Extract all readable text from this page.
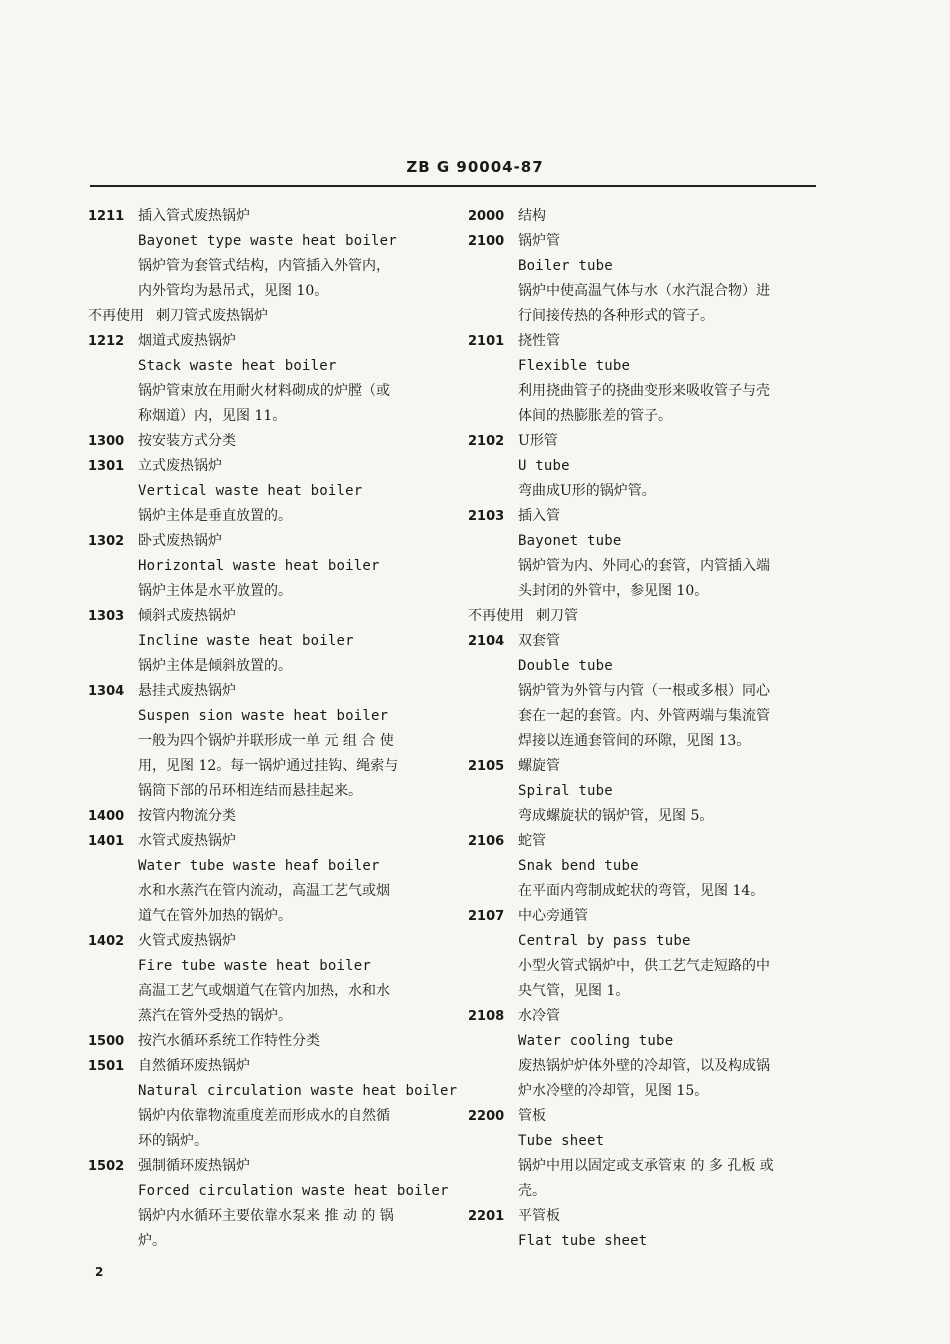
ZB G 90004-87
1211 插入管式废热锅炉
Bayonet type waste heat boiler
锅炉管为套管式结构，内管插入外管内，
内外管均为悬吊式，见图 10。
不再使用 刺刀管式废热锅炉
1212 烟道式废热锅炉
Stack waste heat boiler
锅炉管束放在用耐火材料砌成的炉膛（或
称烟道）内，见图 11。
1300 按安装方式分类
1301 立式废热锅炉
Vertical waste heat boiler
锅炉主体是垂直放置的。
1302 卧式废热锅炉
Horizontal waste heat boiler
锅炉主体是水平放置的。
1303 倾斜式废热锅炉
Incline waste heat boiler
锅炉主体是倾斜放置的。
1304 悬挂式废热锅炉
Suspen sion waste heat boiler
一般为四个锅炉并联形成一单 元 组 合 使
用，见图 12。每一锅炉通过挂钩、绳索与
锅筒下部的吊环相连结而悬挂起来。
1400 按管内物流分类
1401 水管式废热锅炉
Water tube waste heaf boiler
水和水蒸汽在管内流动，高温工艺气或烟
道气在管外加热的锅炉。
1402 火管式废热锅炉
Fire tube waste heat boiler
高温工艺气或烟道气在管内加热，水和水
蒸汽在管外受热的锅炉。
1500 按汽水循环系统工作特性分类
1501 自然循环废热锅炉
Natural circulation waste heat boiler
锅炉内依靠物流重度差而形成水的自然循
环的锅炉。
1502 强制循环废热锅炉
Forced circulation waste heat boiler
锅炉内水循环主要依靠水泵来 推 动 的 锅
炉。
2000 结构
2100 锅炉管
Boiler tube
锅炉中使高温气体与水（水汽混合物）进
行间接传热的各种形式的管子。
2101 挠性管
Flexible tube
利用挠曲管子的挠曲变形来吸收管子与壳
体间的热膨胀差的管子。
2102 U形管
U tube
弯曲成U形的锅炉管。
2103 插入管
Bayonet tube
锅炉管为内、外同心的套管，内管插入端
头封闭的外管中，参见图 10。
不再使用 刺刀管
2104 双套管
Double tube
锅炉管为外管与内管（一根或多根）同心
套在一起的套管。内、外管两端与集流管
焊接以连通套管间的环隙，见图 13。
2105 螺旋管
Spiral tube
弯成螺旋状的锅炉管，见图 5。
2106 蛇管
Snak bend tube
在平面内弯制成蛇状的弯管，见图 14。
2107 中心旁通管
Central by pass tube
小型火管式锅炉中，供工艺气走短路的中
央气管，见图 1。
2108 水冷管
Water cooling tube
废热锅炉炉体外壁的冷却管，以及构成锅
炉水冷壁的冷却管，见图 15。
2200 管板
Tube sheet
锅炉中用以固定或支承管束 的 多 孔板 或
壳。
2201 平管板
Flat tube sheet
2
